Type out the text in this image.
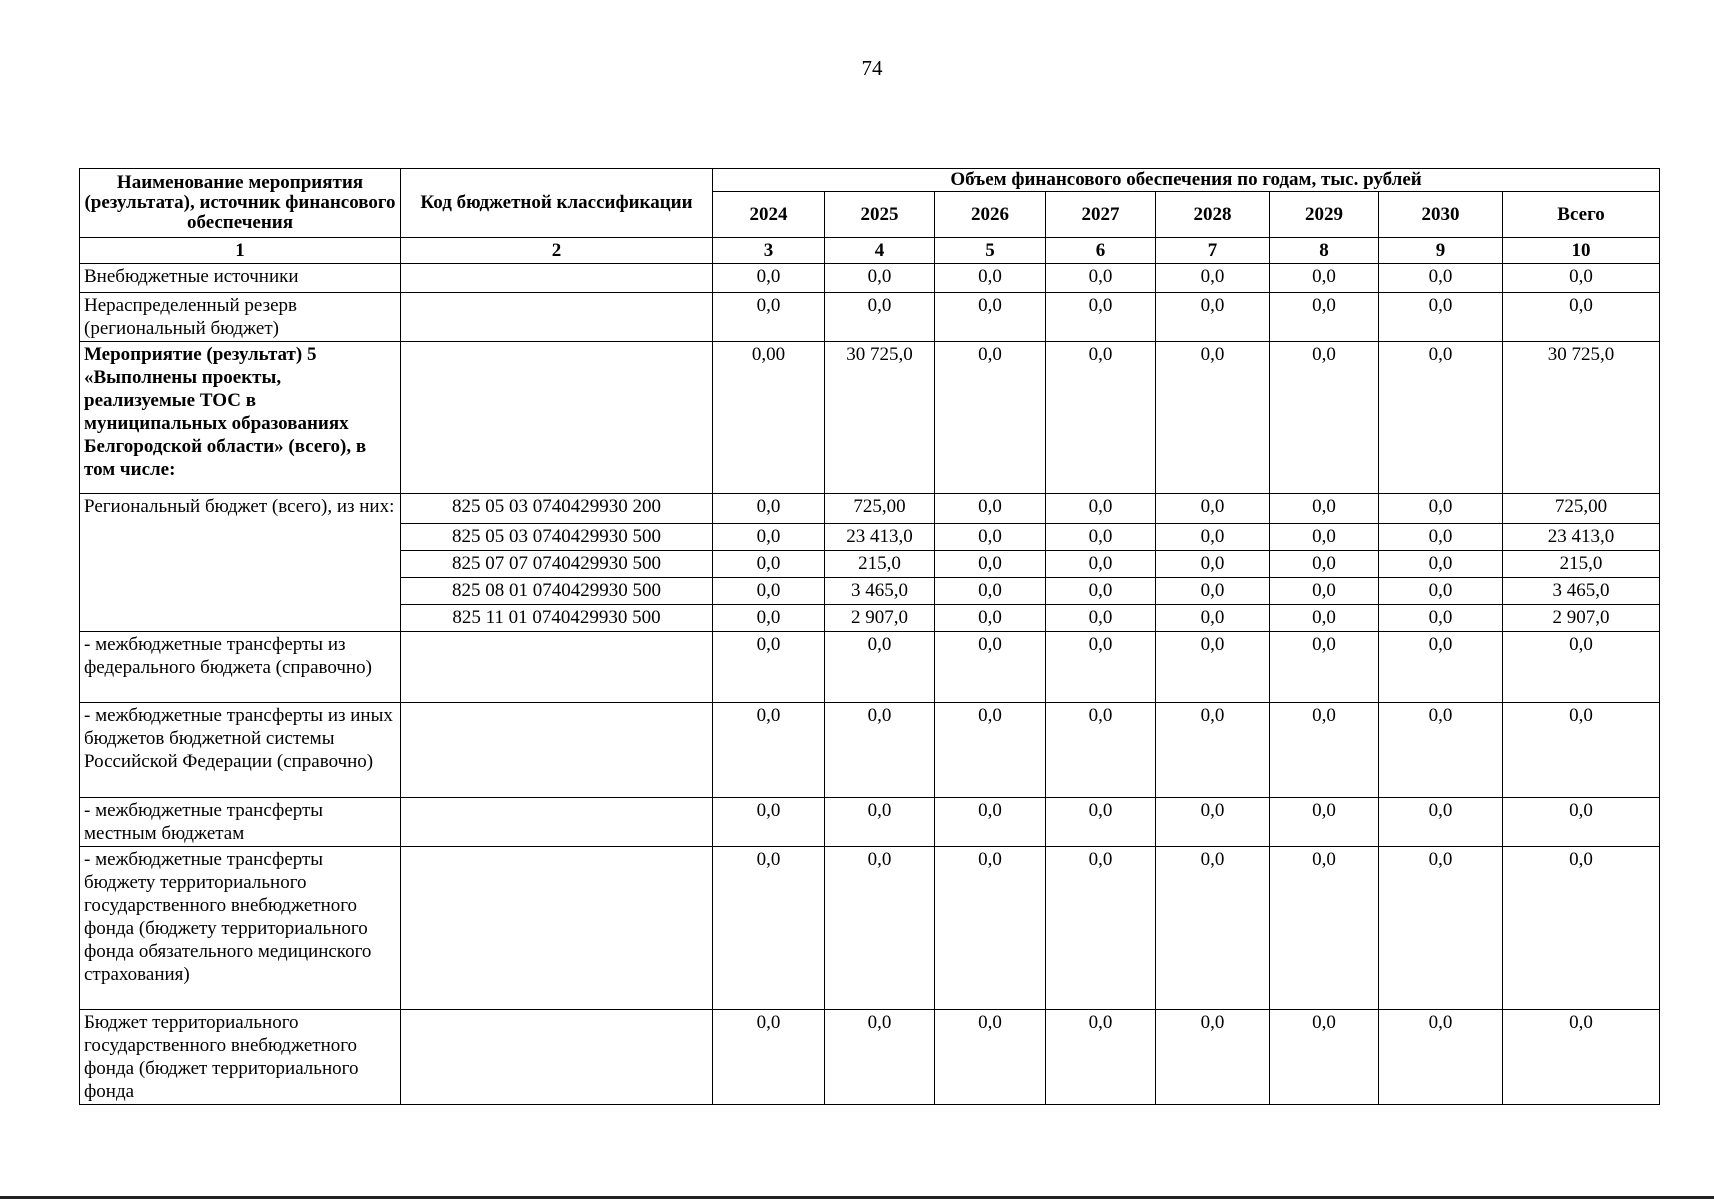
74
Наименование мероприятия (результата), источник финансового обеспечения	Код бюджетной классификации	Объем финансового обеспечения по годам, тыс. рублей							
		2024	2025	2026	2027	2028	2029	2030	Всего
1	2	3	4	5	6	7	8	9	10
Внебюджетные источники		0,0	0,0	0,0	0,0	0,0	0,0	0,0	0,0
Нераспределенный резерв (региональный бюджет)		0,0	0,0	0,0	0,0	0,0	0,0	0,0	0,0
Мероприятие (результат) 5 «Выполнены проекты, реализуемые ТОС в муниципальных образованиях Белгородской области» (всего), в том числе:		0,00	30 725,0	0,0	0,0	0,0	0,0	0,0	30 725,0
Региональный бюджет (всего), из них:	825 05 03 0740429930 200	0,0	725,00	0,0	0,0	0,0	0,0	0,0	725,00
	825 05 03 0740429930 500	0,0	23 413,0	0,0	0,0	0,0	0,0	0,0	23 413,0
	825 07 07 0740429930 500	0,0	215,0	0,0	0,0	0,0	0,0	0,0	215,0
	825 08 01 0740429930 500	0,0	3 465,0	0,0	0,0	0,0	0,0	0,0	3 465,0
	825 11 01 0740429930 500	0,0	2 907,0	0,0	0,0	0,0	0,0	0,0	2 907,0
- межбюджетные трансферты из федерального бюджета (справочно)		0,0	0,0	0,0	0,0	0,0	0,0	0,0	0,0
- межбюджетные трансферты из иных бюджетов бюджетной системы Российской Федерации (справочно)		0,0	0,0	0,0	0,0	0,0	0,0	0,0	0,0
- межбюджетные трансферты местным бюджетам		0,0	0,0	0,0	0,0	0,0	0,0	0,0	0,0
- межбюджетные трансферты бюджету территориального государственного внебюджетного фонда (бюджету территориального фонда обязательного медицинского страхования)		0,0	0,0	0,0	0,0	0,0	0,0	0,0	0,0
Бюджет территориального государственного внебюджетного фонда (бюджет территориального фонда		0,0	0,0	0,0	0,0	0,0	0,0	0,0	0,0
